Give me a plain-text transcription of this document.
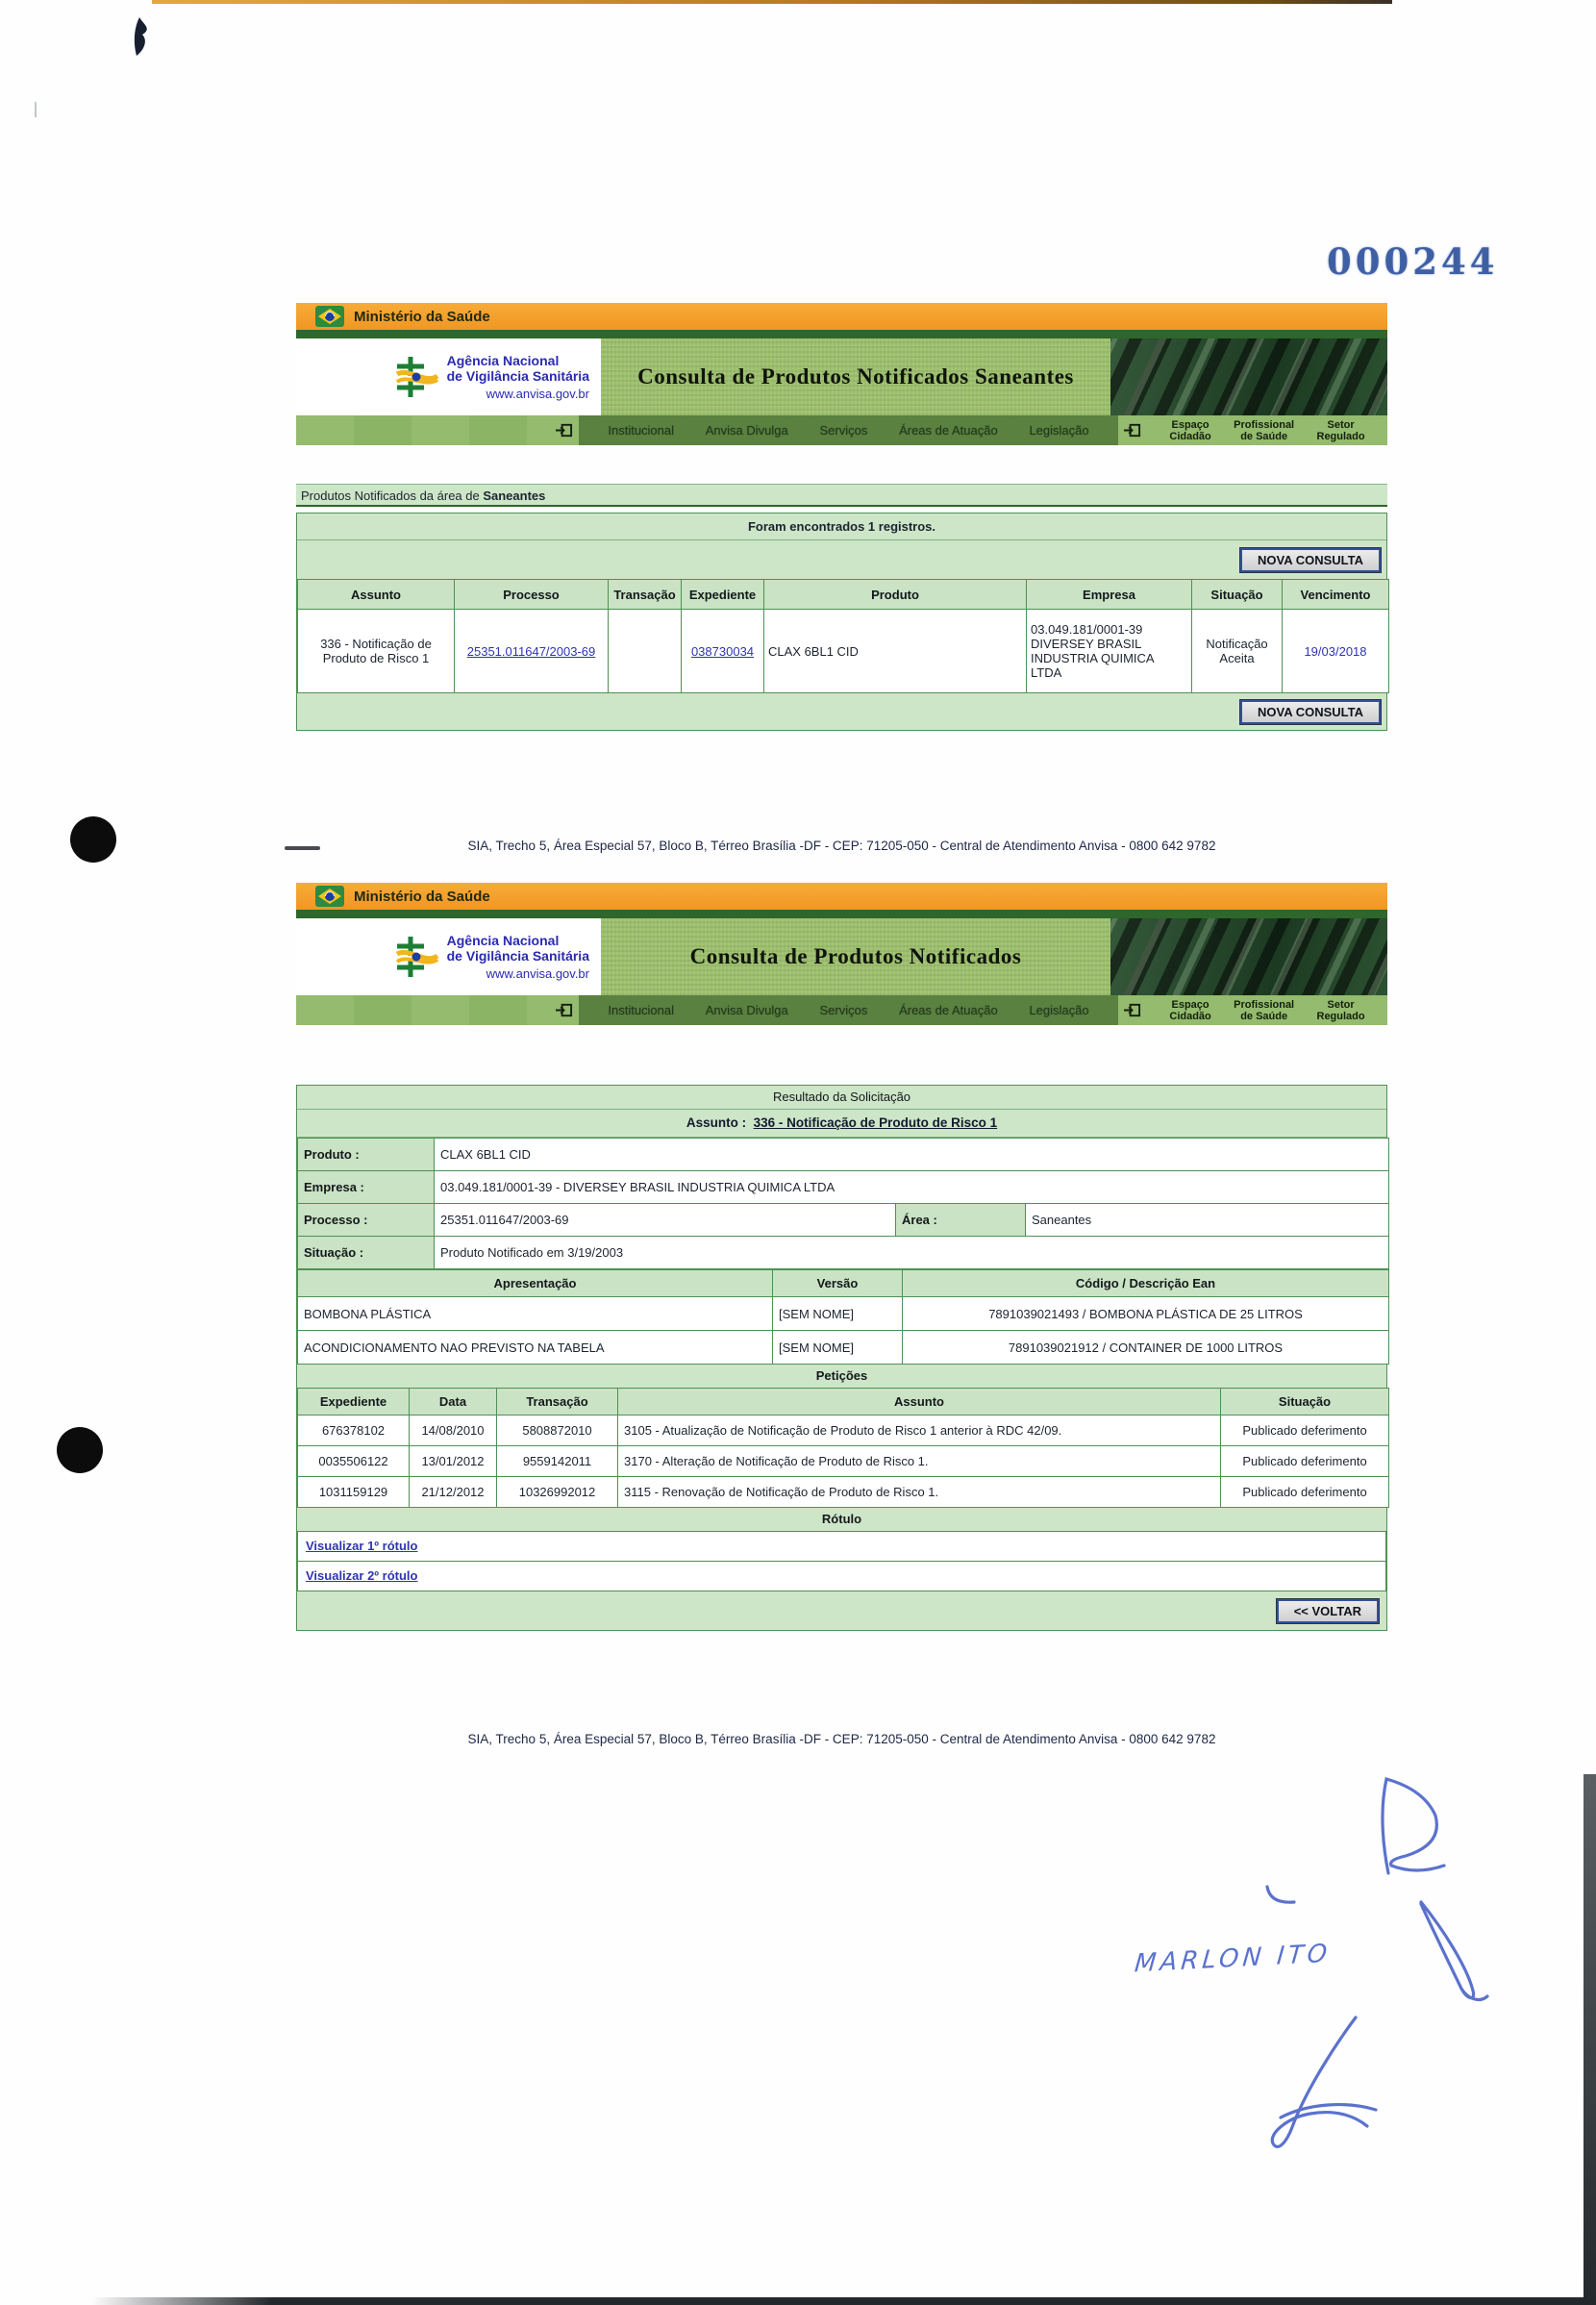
000244
Ministério da Saúde
Agência Nacional
de Vigilância Sanitária
www.anvisa.gov.br
Consulta de Produtos Notificados Saneantes
Institucional	Anvisa Divulga	Serviços	Áreas de Atuação	Legislação	Espaço
Cidadão
Profissional
de Saúde
Setor
Regulado
Produtos Notificados da área de Saneantes
Foram encontrados 1 registros.
NOVA CONSULTA
Assunto	Processo	Transação	Expediente	Produto	Empresa	Situação	Vencimento
336 - Notificação de Produto de Risco 1	25351.011647/2003-69		038730034	CLAX 6BL1 CID	03.049.181/0001-39 DIVERSEY BRASIL INDUSTRIA QUIMICA LTDA	Notificação Aceita	19/03/2018
NOVA CONSULTA
SIA, Trecho 5, Área Especial 57, Bloco B, Térreo Brasília -DF - CEP: 71205-050 - Central de Atendimento Anvisa - 0800 642 9782
Ministério da Saúde
Agência Nacional
de Vigilância Sanitária
www.anvisa.gov.br
Consulta de Produtos Notificados
Institucional	Anvisa Divulga	Serviços	Áreas de Atuação	Legislação	Espaço
Cidadão
Profissional
de Saúde
Setor
Regulado
Resultado da Solicitação
Assunto : 336 - Notificação de Produto de Risco 1
Produto :	CLAX 6BL1 CID		
Empresa :	03.049.181/0001-39 - DIVERSEY BRASIL INDUSTRIA QUIMICA LTDA		
Processo :	25351.011647/2003-69	Área :	Saneantes
Situação :	Produto Notificado em 3/19/2003		
Apresentação	Versão	Código / Descrição Ean
BOMBONA PLÁSTICA	[SEM NOME]	7891039021493 / BOMBONA PLÁSTICA DE 25 LITROS
ACONDICIONAMENTO NAO PREVISTO NA TABELA	[SEM NOME]	7891039021912 / CONTAINER DE 1000 LITROS
Petições
Expediente	Data	Transação	Assunto	Situação
676378102	14/08/2010	5808872010	3105 - Atualização de Notificação de Produto de Risco 1 anterior à RDC 42/09.	Publicado deferimento
0035506122	13/01/2012	9559142011	3170 - Alteração de Notificação de Produto de Risco 1.	Publicado deferimento
1031159129	21/12/2012	10326992012	3115 - Renovação de Notificação de Produto de Risco 1.	Publicado deferimento
Rótulo
Visualizar 1º rótulo
Visualizar 2º rótulo
<< VOLTAR
SIA, Trecho 5, Área Especial 57, Bloco B, Térreo Brasília -DF - CEP: 71205-050 - Central de Atendimento Anvisa - 0800 642 9782
MARLON ITO
